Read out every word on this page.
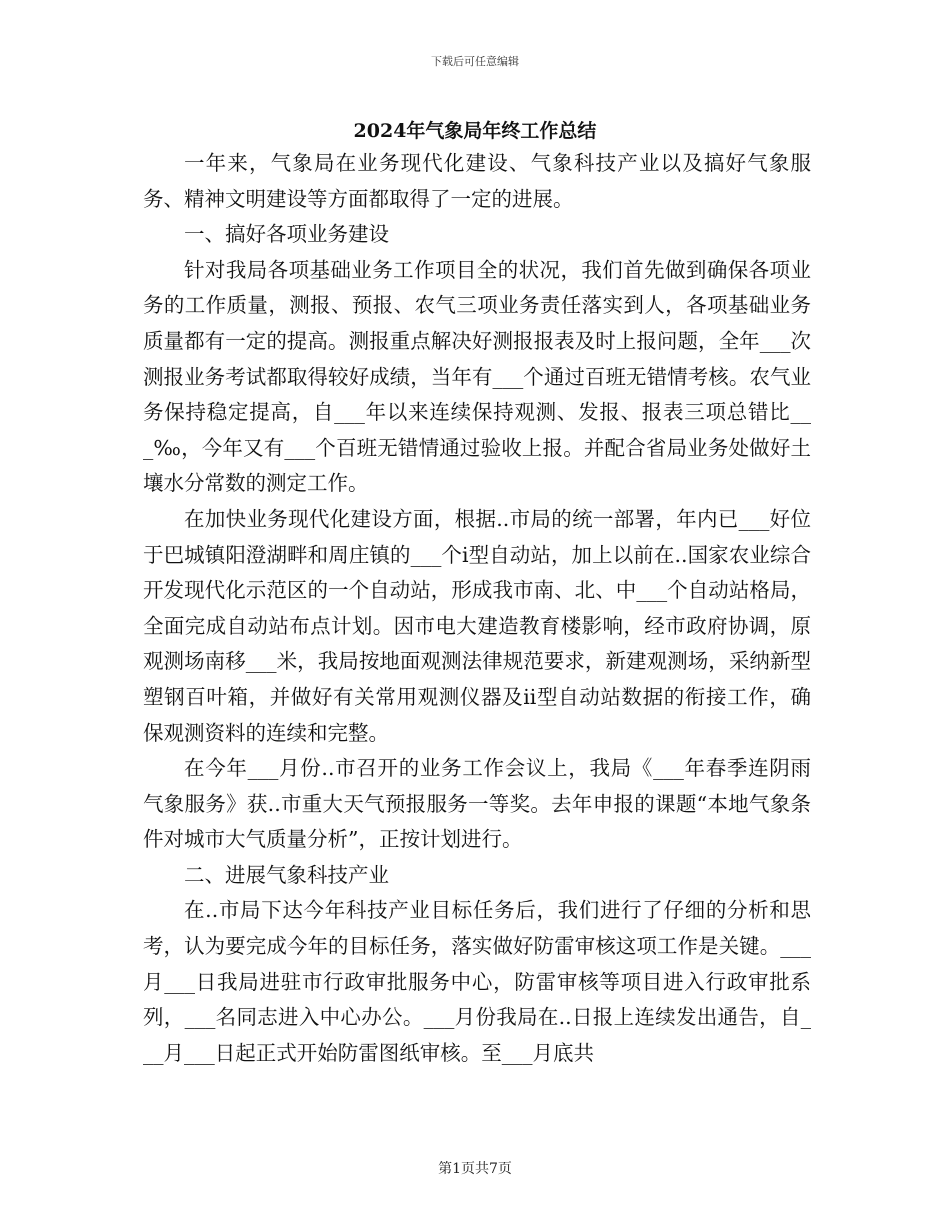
下载后可任意编辑
2024年气象局年终工作总结

一年来，气象局在业务现代化建设、气象科技产业以及搞好气象服务、精神文明建设等方面都取得了一定的进展。

一、搞好各项业务建设

针对我局各项基础业务工作项目全的状况，我们首先做到确保各项业务的工作质量，测报、预报、农气三项业务责任落实到人，各项基础业务质量都有一定的提高。测报重点解决好测报报表及时上报问题，全年___次测报业务考试都取得较好成绩，当年有___个通过百班无错情考核。农气业务保持稳定提高，自___年以来连续保持观测、发报、报表三项总错比___‰，今年又有___个百班无错情通过验收上报。并配合省局业务处做好土壤水分常数的测定工作。

在加快业务现代化建设方面，根据..市局的统一部署，年内已___好位于巴城镇阳澄湖畔和周庄镇的___个i型自动站，加上以前在..国家农业综合开发现代化示范区的一个自动站，形成我市南、北、中___个自动站格局，全面完成自动站布点计划。因市电大建造教育楼影响，经市政府协调，原观测场南移___米，我局按地面观测法律规范要求，新建观测场，采纳新型塑钢百叶箱，并做好有关常用观测仪器及ii型自动站数据的衔接工作，确保观测资料的连续和完整。

在今年___月份..市召开的业务工作会议上，我局《___年春季连阴雨气象服务》获..市重大天气预报服务一等奖。去年申报的课题“本地气象条件对城市大气质量分析”，正按计划进行。

二、进展气象科技产业

在..市局下达今年科技产业目标任务后，我们进行了仔细的分析和思考，认为要完成今年的目标任务，落实做好防雷审核这项工作是关键。___月___日我局进驻市行政审批服务中心，防雷审核等项目进入行政审批系列，___名同志进入中心办公。___月份我局在..日报上连续发出通告，自___月___日起正式开始防雷图纸审核。至___月底共

第1页共7页
